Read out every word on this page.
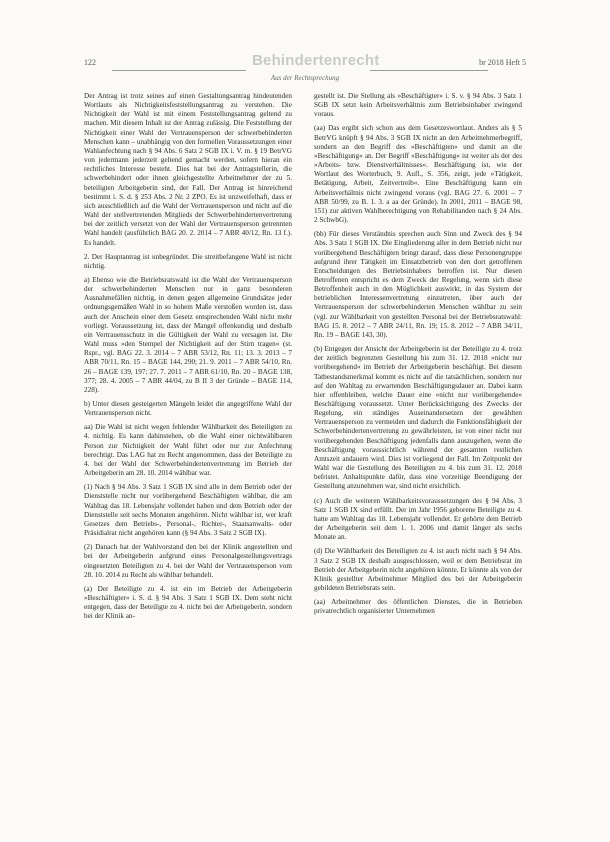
122	Behindertenrecht	br 2018 Heft 5
Aus der Rechtsprechung

Der Antrag ist trotz seines auf einen Gestaltungsantrag hindeutenden Wortlauts als Nichtigkeitsfeststellungsantrag zu verstehen. Die Nichtigkeit der Wahl ist mit einem Feststellungsantrag geltend zu machen. Mit diesem Inhalt ist der Antrag zulässig. Die Feststellung der Nichtigkeit einer Wahl der Vertrauensperson der schwerbehinderten Menschen kann – unabhängig von den formellen Voraussetzungen einer Wahlanfechtung nach § 94 Abs. 6 Satz 2 SGB IX i. V. m. § 19 BetrVG von jedermann jederzeit geltend gemacht werden, sofern hieran ein rechtliches Interesse besteht. Dies hat bei der Antragstellerin, die schwerbehindert oder ihnen gleichgestellte Arbeitnehmer der zu 5. beteiligten Arbeitgeberin sind, der Fall. Der Antrag ist hinreichend bestimmt i. S. d. § 253 Abs. 2 Nr. 2 ZPO. Es ist unzweifelhaft, dass er sich ausschließlich auf die Wahl der Vertrauensperson und nicht auf die Wahl der stellvertretenden Mitglieds der Schwerbehindertenvertretung bei der zeitlich versetzt von der Wahl der Vertrauensperson getrennten Wahl handelt (ausführlich BAG 20. 2. 2014 – 7 ABR 40/12, Rn. 13 f.). Es handelt.

2. Der Hauptantrag ist unbegründet. Die streitbefangene Wahl ist nicht nichtig.

a) Ebenso wie die Betriebsratswahl ist die Wahl der Vertrauensperson der schwerbehinderten Menschen nur in ganz besonderen Ausnahmefällen nichtig, in denen gegen allgemeine Grundsätze jeder ordnungsgemäßen Wahl in so hohem Maße verstoßen worden ist, dass auch der Anschein einer dem Gesetz entsprechenden Wahl nicht mehr vorliegt. Voraussetzung ist, dass der Mangel offenkundig und deshalb ein Vertrauensschutz in die Gültigkeit der Wahl zu versagen ist. Die Wahl muss »den Stempel der Nichtigkeit auf der Stirn tragen« (st. Rspr., vgl. BAG 22. 3. 2014 – 7 ABR 53/12, Rn. 11; 13. 3. 2013 – 7 ABR 70/11, Rn. 15 – BAGE 144, 290; 21. 9. 2011 – 7 ABR 54/10, Rn. 26 – BAGE 139, 197; 27. 7. 2011 – 7 ABR 61/10, Rn. 20 – BAGE 138, 377; 28. 4. 2005 – 7 ABR 44/04, zu B II 3 der Gründe – BAGE 114, 228).

b) Unter diesen gesteigerten Mängeln leidet die angegriffene Wahl der Vertrauensperson nicht.

aa) Die Wahl ist nicht wegen fehlender Wählbarkeit des Beteiligten zu 4. nichtig. Es kann dahinstehen, ob die Wahl einer nichtwählbaren Person zur Nichtigkeit der Wahl führt oder nur zur Anfechtung berechtigt. Das LAG hat zu Recht angenommen, dass der Beteiligte zu 4. bei der Wahl der Schwerbehindertenvertretung im Betrieb der Arbeitgeberin am 28. 10. 2014 wählbar war.

(1) Nach § 94 Abs. 3 Satz 1 SGB IX sind alle in dem Betrieb oder der Dienststelle nicht nur vorübergehend Beschäftigten wählbar, die am Wahltag das 18. Lebensjahr vollendet haben und dem Betrieb oder der Dienststelle seit sechs Monaten angehören. Nicht wählbar ist, wer kraft Gesetzes dem Betriebs-, Personal-, Richter-, Staatsanwalts- oder Präsidialrat nicht angehören kann (§ 94 Abs. 3 Satz 2 SGB IX).

(2) Danach hat der Wahlvorstand den bei der Klinik angestellten und bei der Arbeitgeberin aufgrund eines Personalgestellungsvertrags eingesetzten Beteiligten zu 4. bei der Wahl der Vertrauensperson vom 28. 10. 2014 zu Recht als wählbar behandelt.

(a) Der Beteiligte zu 4. ist ein im Betrieb der Arbeitgeberin »Beschäftigter« i. S. d. § 94 Abs. 3 Satz 1 SGB IX. Dem steht nicht entgegen, dass der Beteiligte zu 4. nicht bei der Arbeitgeberin, sondern bei der Klinik an-

gestellt ist. Die Stellung als »Beschäftigter« i. S. v. § 94 Abs. 3 Satz 1 SGB IX setzt kein Arbeitsverhältnis zum Betriebsinhaber zwingend voraus.

(aa) Das ergibt sich schon aus dem Gesetzeswortlaut. Anders als § 5 BetrVG knüpft § 94 Abs. 3 SGB IX nicht an den Arbeitnehmerbegriff, sondern an den Begriff des »Beschäftigten« und damit an die »Beschäftigung« an. Der Begriff »Beschäftigung« ist weiter als der des »Arbeits- bzw. Dienstverhältnisses«. Beschäftigung ist, wie der Wortlaut des Worterbuch, 9. Aufl., S. 356, zeigt, jede »Tätigkeit, Betätigung, Arbeit, Zeitvertreib«. Eine Beschäftigung kann ein Arbeitsverhältnis nicht zwingend voraus (vgl. BAG 27. 6. 2001 – 7 ABR 50/99, zu B. 1. 3. a aa der Gründe). In 2001, 2011 – BAGE 98, 151) zur aktiven Wahlberechtigung von Rehabilitanden nach § 24 Abs. 2 SchwbG).

(bb) Für dieses Verständnis sprechen auch Sinn und Zweck des § 94 Abs. 3 Satz 1 SGB IX. Die Eingliederung aller in dem Betrieb nicht nur vorübergehend Beschäftigten bringt darauf, dass diese Personengruppe aufgrund ihrer Tätigkeit im Einsatzbetrieb von den dort getroffenen Entscheidungen des Betriebsinhabers betroffen ist. Nur diesen Betroffenen entspricht es dem Zweck der Regelung, wenn sich diese Betroffenheit auch in den Möglichkeit auswirkt, in das System der betrieblichen Interessenvertretung einzutreten, über auch der Vertrauensperson der schwerbehinderten Menschen wählbar zu sein (vgl. zur Wählbarkeit von gestellten Personal bei der Betriebsratswahl: BAG 15. 8. 2012 – 7 ABR 24/11, Rn. 19; 15. 8. 2012 – 7 ABR 34/11, Rn. 19 – BAGE 143, 30).

(b) Entgegen der Ansicht der Arbeitgeberin ist der Beteiligte zu 4. trotz der zeitlich begrenzten Gestellung bis zum 31. 12. 2018 »nicht nur vorübergehend« im Betrieb der Arbeitgeberin beschäftigt. Bei diesem Tatbestandsmerkmal kommt es nicht auf die tatsächlichen, sondern nur auf den Wahltag zu erwartenden Beschäftigungsdauer an. Dabei kann hier offenbleiben, welche Dauer eine »nicht nur vorübergehende« Beschäftigung voraussetzt. Unter Berücksichtigung des Zwecks der Regelung, ein ständiges Auseinandersetzen der gewählten Vertrauensperson zu vermeiden und dadurch die Funktionsfähigkeit der Schwerbehindertenvertretung zu gewährleisten, ist von einer nicht nur vorübergehenden Beschäftigung jedenfalls dann auszugehen, wenn die Beschäftigung voraussichtlich während der gesamten restlichen Amtszeit andauern wird. Dies ist vorliegend der Fall. Im Zeitpunkt der Wahl war die Gestellung des Beteiligten zu 4. bis zum 31. 12. 2018 befristet. Anhaltspunkte dafür, dass eine vorzeitige Beendigung der Gestellung anzunehmen war, sind nicht ersichtlich.

(c) Auch die weiteren Wählbarkeitsvoraussetzungen des § 94 Abs. 3 Satz 1 SGB IX sind erfüllt. Der im Jahr 1956 geborene Beteiligte zu 4. hatte am Wahltag das 18. Lebensjahr vollendet. Er gehörte dem Betrieb der Arbeitgeberin seit dem 1. 1. 2006 und damit länger als sechs Monate an.

(d) Die Wählbarkeit des Beteiligten zu 4. ist auch nicht nach § 94 Abs. 3 Satz 2 SGB IX deshalb ausgeschlossen, weil er dem Betriebsrat im Betrieb der Arbeitgeberin nicht angehören könnte. Er könnte als von der Klinik gestellter Arbeitnehmer Mitglied des bei der Arbeitgeberin gebildeten Betriebsrats sein.

(aa) Arbeitnehmer des öffentlichen Dienstes, die in Betrieben privatrechtlich organisierter Unternehmen
